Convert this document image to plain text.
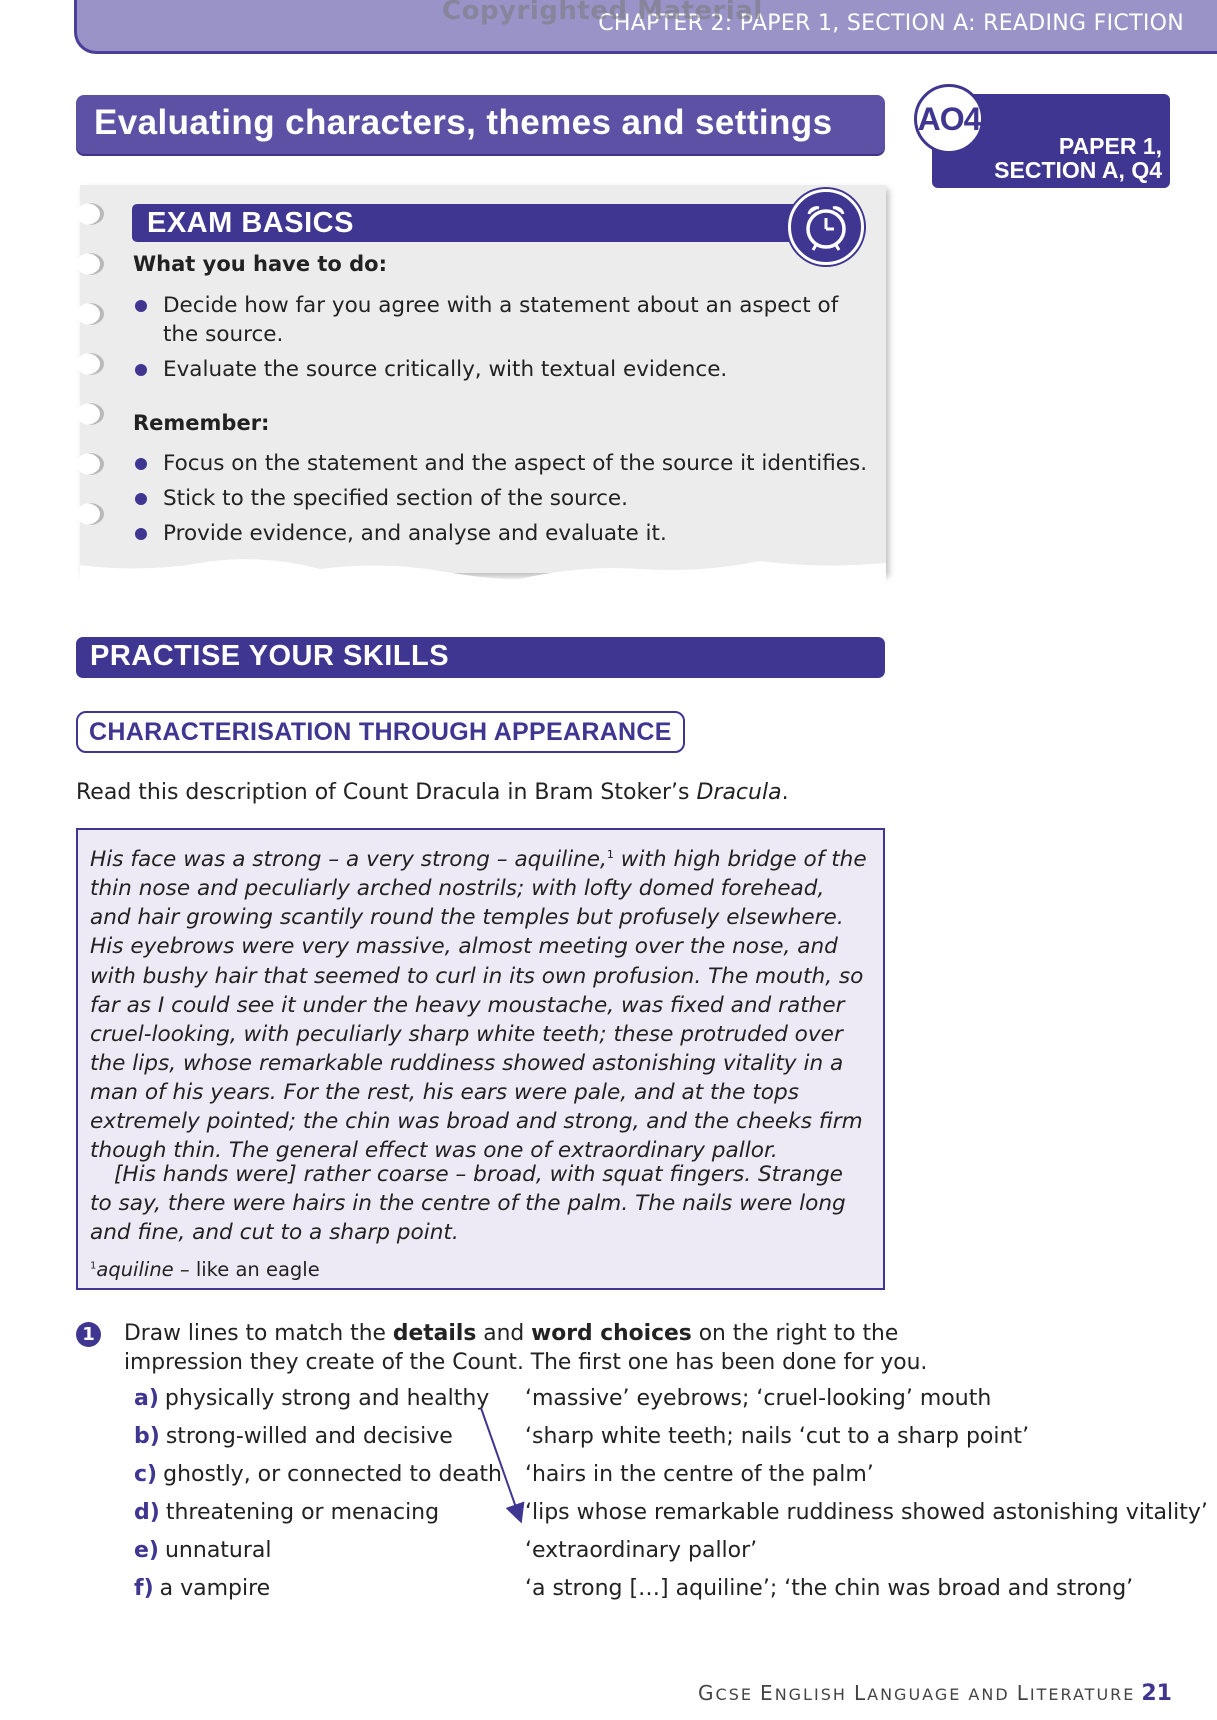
CHAPTER 2: PAPER 1, SECTION A: READING FICTION
Copyrighted Material
Evaluating characters, themes and settings
PAPER 1,
SECTION A, Q4
AO4
EXAM BASICS
What you have to do:
Decide how far you agree with a statement about an aspect of the source.
Evaluate the source critically, with textual evidence.
Remember:
Focus on the statement and the aspect of the source it identifies.
Stick to the specified section of the source.
Provide evidence, and analyse and evaluate it.
PRACTISE YOUR SKILLS
CHARACTERISATION THROUGH APPEARANCE
Read this description of Count Dracula in Bram Stoker’s Dracula.

His face was a strong – a very strong – aquiline,$^1$ with high bridge of the thin nose and peculiarly arched nostrils; with lofty domed forehead, and hair growing scantily round the temples but profusely elsewhere. His eyebrows were very massive, almost meeting over the nose, and with bushy hair that seemed to curl in its own profusion. The mouth, so far as I could see it under the heavy moustache, was fixed and rather cruel-looking, with peculiarly sharp white teeth; these protruded over the lips, whose remarkable ruddiness showed astonishing vitality in a man of his years. For the rest, his ears were pale, and at the tops extremely pointed; the chin was broad and strong, and the cheeks firm though thin. The general effect was one of extraordinary pallor.

[His hands were] rather coarse – broad, with squat fingers. Strange to say, there were hairs in the centre of the palm. The nails were long and fine, and cut to a sharp point.

$^1$aquiline – like an eagle
1 Draw lines to match the details and word choices on the right to the impression they create of the Count. The first one has been done for you.
a) physically strong and healthy
b) strong-willed and decisive
c) ghostly, or connected to death
d) threatening or menacing
e) unnatural
f) a vampire
‘massive’ eyebrows; ‘cruel-looking’ mouth
‘sharp white teeth; nails ‘cut to a sharp point’
‘hairs in the centre of the palm’
‘lips whose remarkable ruddiness showed astonishing vitality’
‘extraordinary pallor’
‘a strong […] aquiline’; ‘the chin was broad and strong’
GCSE ENGLISH LANGUAGE AND LITERATURE 21
